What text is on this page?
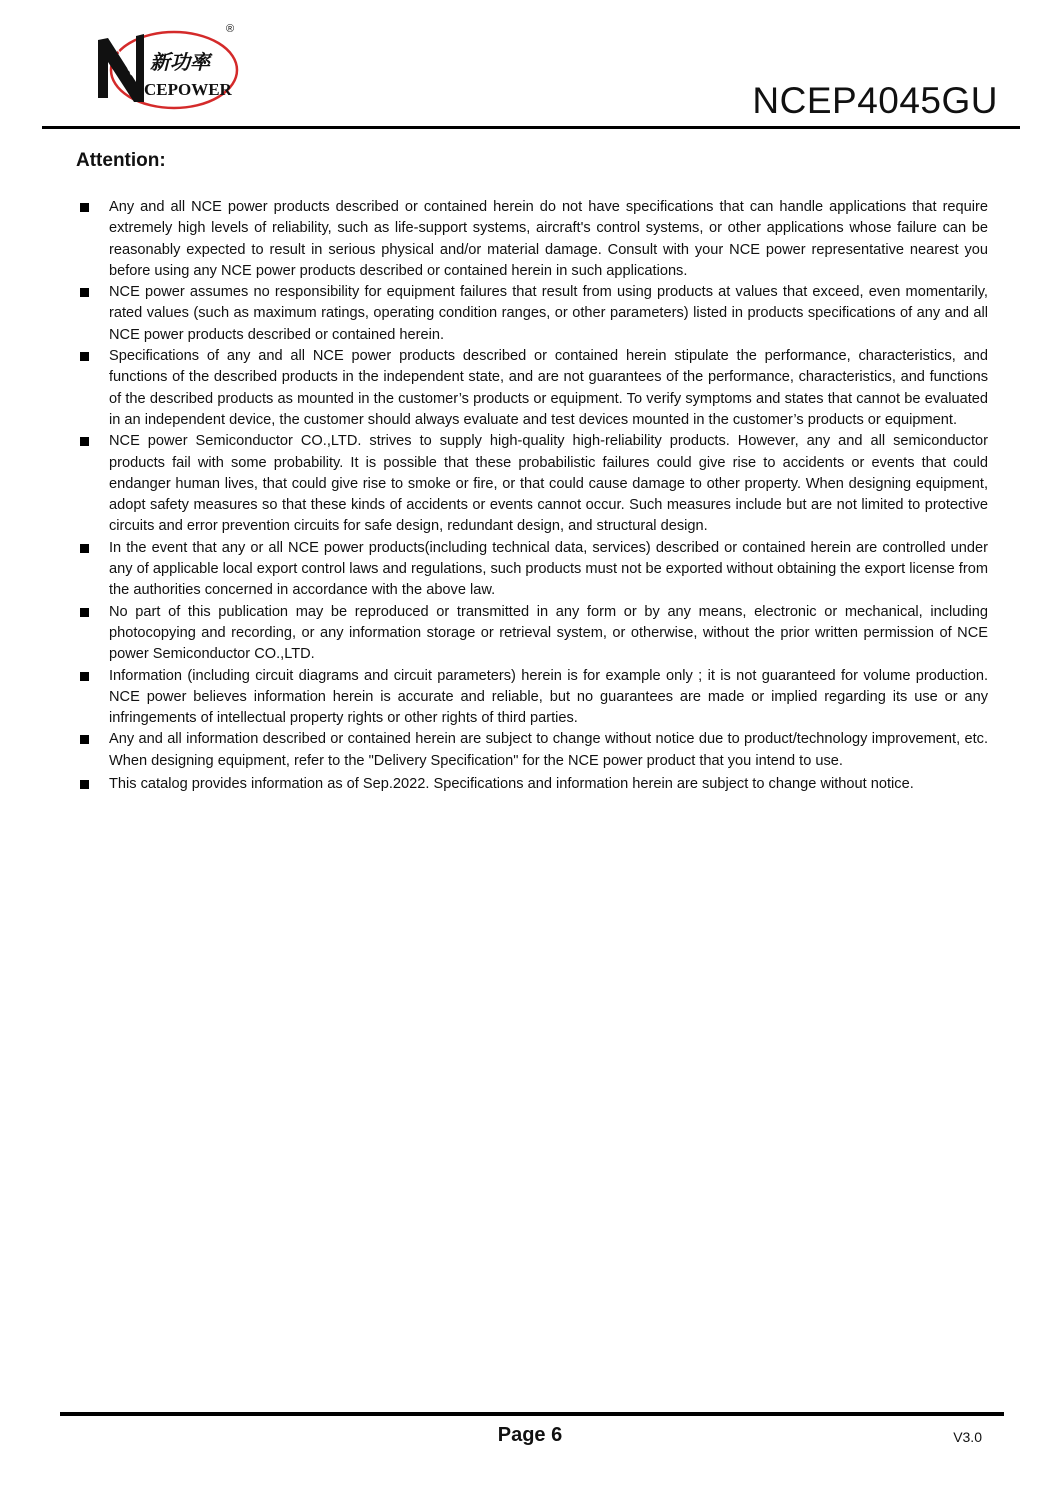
®
新功率
CEPOWER	NCEP4045GU
Attention:
Any and all NCE power products described or contained herein do not have specifications that can handle applications that require extremely high levels of reliability, such as life-support systems, aircraft's control systems, or other applications whose failure can be reasonably expected to result in serious physical and/or material damage. Consult with your NCE power representative nearest you before using any NCE power products described or contained herein in such applications.
NCE power assumes no responsibility for equipment failures that result from using products at values that exceed, even momentarily, rated values (such as maximum ratings, operating condition ranges, or other parameters) listed in products specifications of any and all NCE power products described or contained herein.
Specifications of any and all NCE power products described or contained herein stipulate the performance, characteristics, and functions of the described products in the independent state, and are not guarantees of the performance, characteristics, and functions of the described products as mounted in the customer’s products or equipment. To verify symptoms and states that cannot be evaluated in an independent device, the customer should always evaluate and test devices mounted in the customer’s products or equipment.
NCE power Semiconductor CO.,LTD. strives to supply high-quality high-reliability products. However, any and all semiconductor products fail with some probability. It is possible that these probabilistic failures could give rise to accidents or events that could endanger human lives, that could give rise to smoke or fire, or that could cause damage to other property. When designing equipment, adopt safety measures so that these kinds of accidents or events cannot occur. Such measures include but are not limited to protective circuits and error prevention circuits for safe design, redundant design, and structural design.
In the event that any or all NCE power products(including technical data, services) described or contained herein are controlled under any of applicable local export control laws and regulations, such products must not be exported without obtaining the export license from the authorities concerned in accordance with the above law.
No part of this publication may be reproduced or transmitted in any form or by any means, electronic or mechanical, including photocopying and recording, or any information storage or retrieval system, or otherwise, without the prior written permission of NCE power Semiconductor CO.,LTD.
Information (including circuit diagrams and circuit parameters) herein is for example only ; it is not guaranteed for volume production. NCE power believes information herein is accurate and reliable, but no guarantees are made or implied regarding its use or any infringements of intellectual property rights or other rights of third parties.
Any and all information described or contained herein are subject to change without notice due to product/technology improvement, etc. When designing equipment, refer to the "Delivery Specification" for the NCE power product that you intend to use.
This catalog provides information as of Sep.2022. Specifications and information herein are subject to change without notice.
Page 6	V3.0
